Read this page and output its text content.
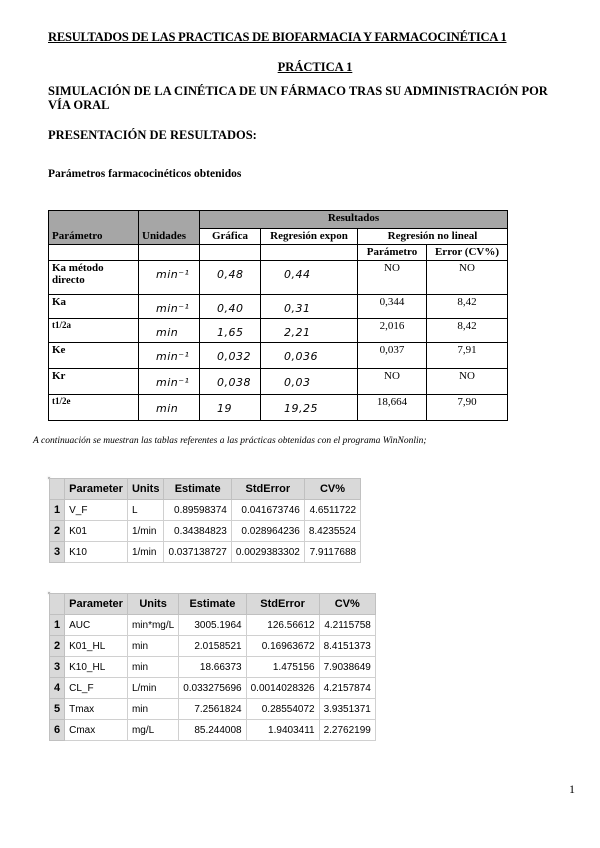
RESULTADOS DE LAS PRACTICAS DE BIOFARMACIA Y FARMACOCINÉTICA 1
PRÁCTICA 1
SIMULACIÓN DE LA CINÉTICA DE UN FÁRMACO TRAS SU ADMINISTRACIÓN POR VÍA ORAL
PRESENTACIÓN DE RESULTADOS:
Parámetros farmacocinéticos obtenidos
		Resultados			
Parámetro	Unidades	Gráfica	Regresión expon	Regresión no lineal	
				Parámetro	Error (CV%)
Ka método directo	min⁻¹	0,48	0,44	NO	NO
Ka	min⁻¹	0,40	0,31	0,344	8,42
t1/2a	min	1,65	2,21	2,016	8,42
Ke	min⁻¹	0,032	0,036	0,037	7,91
Kr	min⁻¹	0,038	0,03	NO	NO
t1/2e	min	19	19,25	18,664	7,90
A continuación se muestran las tablas referentes a las prácticas obtenidas con el programa WinNonlin;
	Parameter	Units	Estimate	StdError	CV%
1	V_F	L	0.89598374	0.041673746	4.6511722
2	K01	1/min	0.34384823	0.028964236	8.4235524
3	K10	1/min	0.037138727	0.0029383302	7.9117688
	Parameter	Units	Estimate	StdError	CV%
1	AUC	min*mg/L	3005.1964	126.56612	4.2115758
2	K01_HL	min	2.0158521	0.16963672	8.4151373
3	K10_HL	min	18.66373	1.475156	7.9038649
4	CL_F	L/min	0.033275696	0.0014028326	4.2157874
5	Tmax	min	7.2561824	0.28554072	3.9351371
6	Cmax	mg/L	85.244008	1.9403411	2.2762199
1
